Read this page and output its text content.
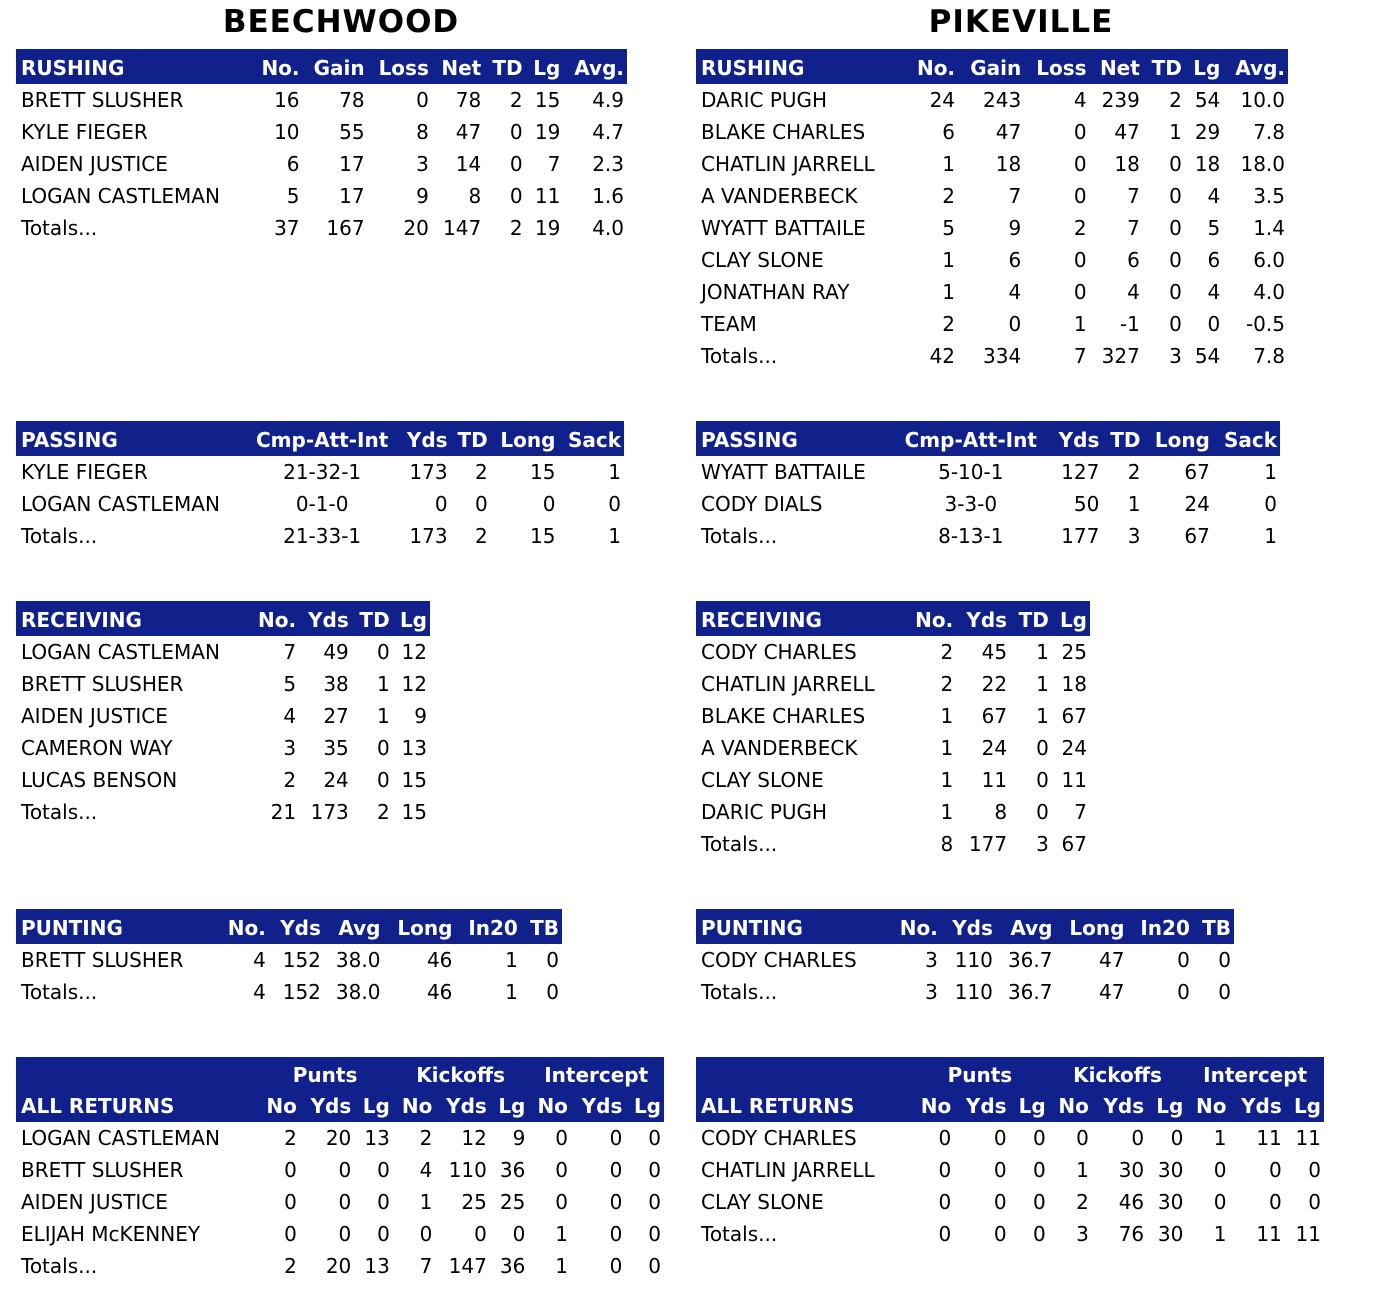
BEECHWOOD
RUSHING	No.	Gain	Loss	Net	TD	Lg	Avg.
BRETT SLUSHER	16	78	0	78	2	15	4.9
KYLE FIEGER	10	55	8	47	0	19	4.7
AIDEN JUSTICE	6	17	3	14	0	7	2.3
LOGAN CASTLEMAN	5	17	9	8	0	11	1.6
Totals...	37	167	20	147	2	19	4.0
PASSING	Cmp-Att-Int	Yds	TD	Long	Sack
KYLE FIEGER	21-32-1	173	2	15	1
LOGAN CASTLEMAN	0-1-0	0	0	0	0
Totals...	21-33-1	173	2	15	1
RECEIVING	No.	Yds	TD	Lg
LOGAN CASTLEMAN	7	49	0	12
BRETT SLUSHER	5	38	1	12
AIDEN JUSTICE	4	27	1	9
CAMERON WAY	3	35	0	13
LUCAS BENSON	2	24	0	15
Totals...	21	173	2	15
PUNTING	No.	Yds	Avg	Long	In20	TB
BRETT SLUSHER	4	152	38.0	46	1	0
Totals...	4	152	38.0	46	1	0
	Punts			Kickoffs			Intercept		
ALL RETURNS	No	Yds	Lg	No	Yds	Lg	No	Yds	Lg
LOGAN CASTLEMAN	2	20	13	2	12	9	0	0	0
BRETT SLUSHER	0	0	0	4	110	36	0	0	0
AIDEN JUSTICE	0	0	0	1	25	25	0	0	0
ELIJAH McKENNEY	0	0	0	0	0	0	1	0	0
Totals...	2	20	13	7	147	36	1	0	0
PIKEVILLE
RUSHING	No.	Gain	Loss	Net	TD	Lg	Avg.
DARIC PUGH	24	243	4	239	2	54	10.0
BLAKE CHARLES	6	47	0	47	1	29	7.8
CHATLIN JARRELL	1	18	0	18	0	18	18.0
A VANDERBECK	2	7	0	7	0	4	3.5
WYATT BATTAILE	5	9	2	7	0	5	1.4
CLAY SLONE	1	6	0	6	0	6	6.0
JONATHAN RAY	1	4	0	4	0	4	4.0
TEAM	2	0	1	-1	0	0	-0.5
Totals...	42	334	7	327	3	54	7.8
PASSING	Cmp-Att-Int	Yds	TD	Long	Sack
WYATT BATTAILE	5-10-1	127	2	67	1
CODY DIALS	3-3-0	50	1	24	0
Totals...	8-13-1	177	3	67	1
RECEIVING	No.	Yds	TD	Lg
CODY CHARLES	2	45	1	25
CHATLIN JARRELL	2	22	1	18
BLAKE CHARLES	1	67	1	67
A VANDERBECK	1	24	0	24
CLAY SLONE	1	11	0	11
DARIC PUGH	1	8	0	7
Totals...	8	177	3	67
PUNTING	No.	Yds	Avg	Long	In20	TB
CODY CHARLES	3	110	36.7	47	0	0
Totals...	3	110	36.7	47	0	0
	Punts			Kickoffs			Intercept		
ALL RETURNS	No	Yds	Lg	No	Yds	Lg	No	Yds	Lg
CODY CHARLES	0	0	0	0	0	0	1	11	11
CHATLIN JARRELL	0	0	0	1	30	30	0	0	0
CLAY SLONE	0	0	0	2	46	30	0	0	0
Totals...	0	0	0	3	76	30	1	11	11
